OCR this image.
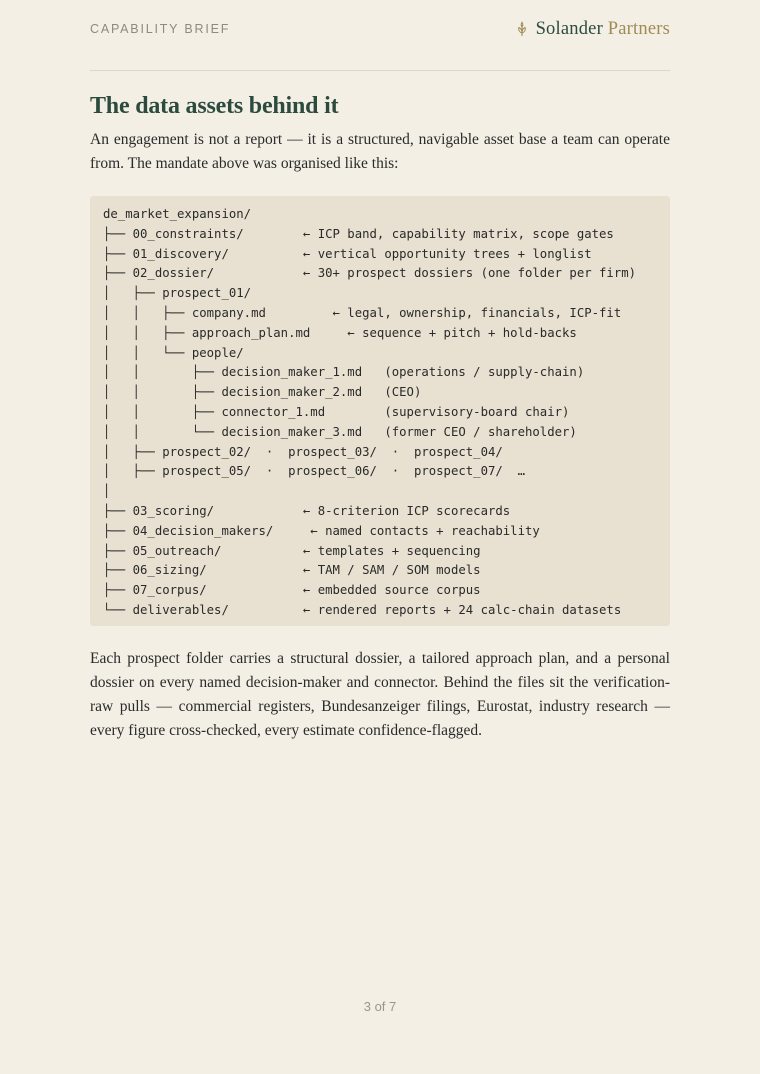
CAPABILITY BRIEF	Solander Partners
The data assets behind it

An engagement is not a report — it is a structured, navigable asset base a team can operate from. The mandate above was organised like this:

de_market_expansion/
├── 00_constraints/        ← ICP band, capability matrix, scope gates
├── 01_discovery/          ← vertical opportunity trees + longlist
├── 02_dossier/            ← 30+ prospect dossiers (one folder per firm)
│   ├── prospect_01/
│   │   ├── company.md         ← legal, ownership, financials, ICP-fit
│   │   ├── approach_plan.md     ← sequence + pitch + hold-backs
│   │   └── people/
│   │       ├── decision_maker_1.md   (operations / supply-chain)
│   │       ├── decision_maker_2.md   (CEO)
│   │       ├── connector_1.md        (supervisory-board chair)
│   │       └── decision_maker_3.md   (former CEO / shareholder)
│   ├── prospect_02/  ·  prospect_03/  ·  prospect_04/
│   ├── prospect_05/  ·  prospect_06/  ·  prospect_07/  …
│
├── 03_scoring/            ← 8-criterion ICP scorecards
├── 04_decision_makers/     ← named contacts + reachability
├── 05_outreach/           ← templates + sequencing
├── 06_sizing/             ← TAM / SAM / SOM models
├── 07_corpus/             ← embedded source corpus
└── deliverables/          ← rendered reports + 24 calc-chain datasets

Each prospect folder carries a structural dossier, a tailored approach plan, and a personal dossier on every named decision-maker and connector. Behind the files sit the verification-raw pulls — commercial registers, Bundesanzeiger filings, Eurostat, industry research — every figure cross-checked, every estimate confidence-flagged.

3 of 7
